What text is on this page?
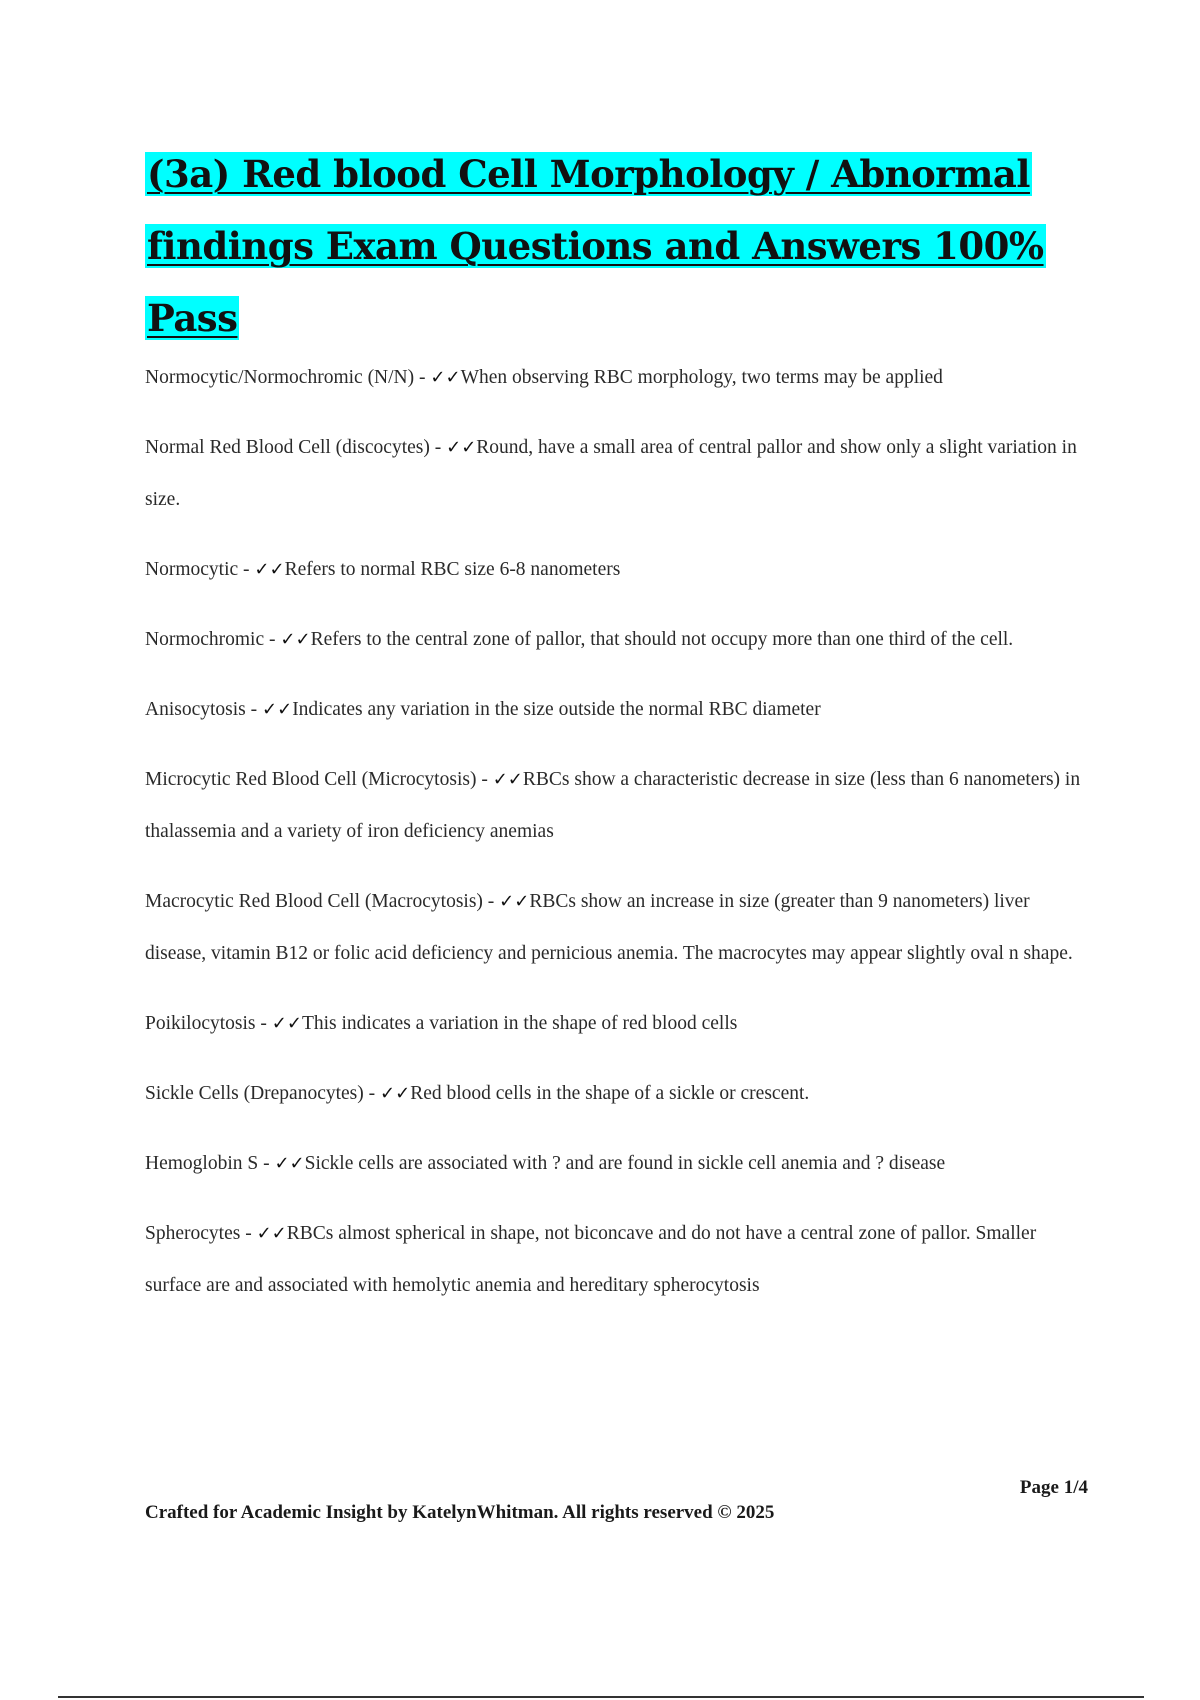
(3a) Red blood Cell Morphology / Abnormal findings Exam Questions and Answers 100% Pass
Normocytic/Normochromic (N/N) - ✓✓When observing RBC morphology, two terms may be applied
Normal Red Blood Cell (discocytes) - ✓✓Round, have a small area of central pallor and show only a slight variation in size.
Normocytic - ✓✓Refers to normal RBC size 6-8 nanometers
Normochromic - ✓✓Refers to the central zone of pallor, that should not occupy more than one third of the cell.
Anisocytosis - ✓✓Indicates any variation in the size outside the normal RBC diameter
Microcytic Red Blood Cell (Microcytosis) - ✓✓RBCs show a characteristic decrease in size (less than 6 nanometers) in thalassemia and a variety of iron deficiency anemias
Macrocytic Red Blood Cell (Macrocytosis) - ✓✓RBCs show an increase in size (greater than 9 nanometers) liver disease, vitamin B12 or folic acid deficiency and pernicious anemia. The macrocytes may appear slightly oval n shape.
Poikilocytosis - ✓✓This indicates a variation in the shape of red blood cells
Sickle Cells (Drepanocytes) - ✓✓Red blood cells in the shape of a sickle or crescent.
Hemoglobin S - ✓✓Sickle cells are associated with ? and are found in sickle cell anemia and ? disease
Spherocytes - ✓✓RBCs almost spherical in shape, not biconcave and do not have a central zone of pallor. Smaller surface are and associated with hemolytic anemia and hereditary spherocytosis
Page 1/4
Crafted for Academic Insight by KatelynWhitman. All rights reserved © 2025
